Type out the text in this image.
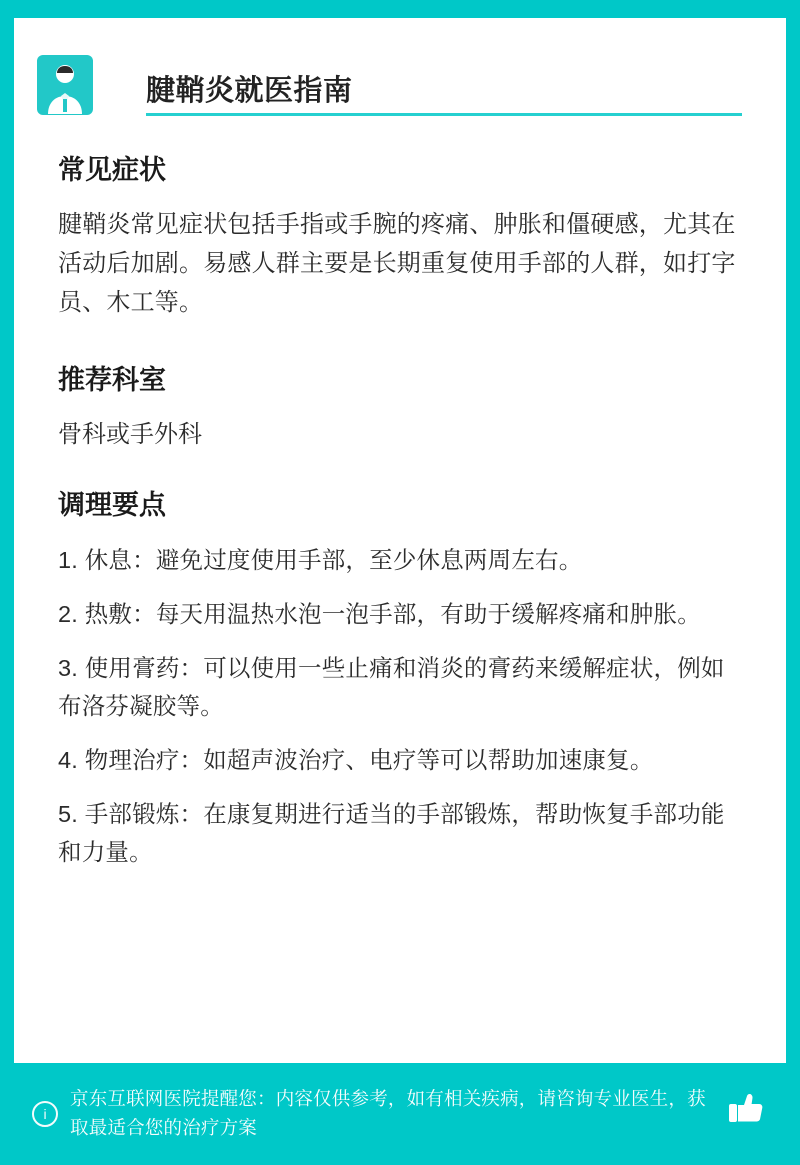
腱鞘炎就医指南
常见症状

腱鞘炎常见症状包括手指或手腕的疼痛、肿胀和僵硬感，尤其在活动后加剧。易感人群主要是长期重复使用手部的人群，如打字员、木工等。

推荐科室

骨科或手外科

调理要点
1. 休息：避免过度使用手部，至少休息两周左右。
2. 热敷：每天用温热水泡一泡手部，有助于缓解疼痛和肿胀。
3. 使用膏药：可以使用一些止痛和消炎的膏药来缓解症状，例如布洛芬凝胶等。
4. 物理治疗：如超声波治疗、电疗等可以帮助加速康复。
5. 手部锻炼：在康复期进行适当的手部锻炼，帮助恢复手部功能和力量。
i
京东互联网医院提醒您：内容仅供参考，如有相关疾病，请咨询专业医生，获取最适合您的治疗方案
